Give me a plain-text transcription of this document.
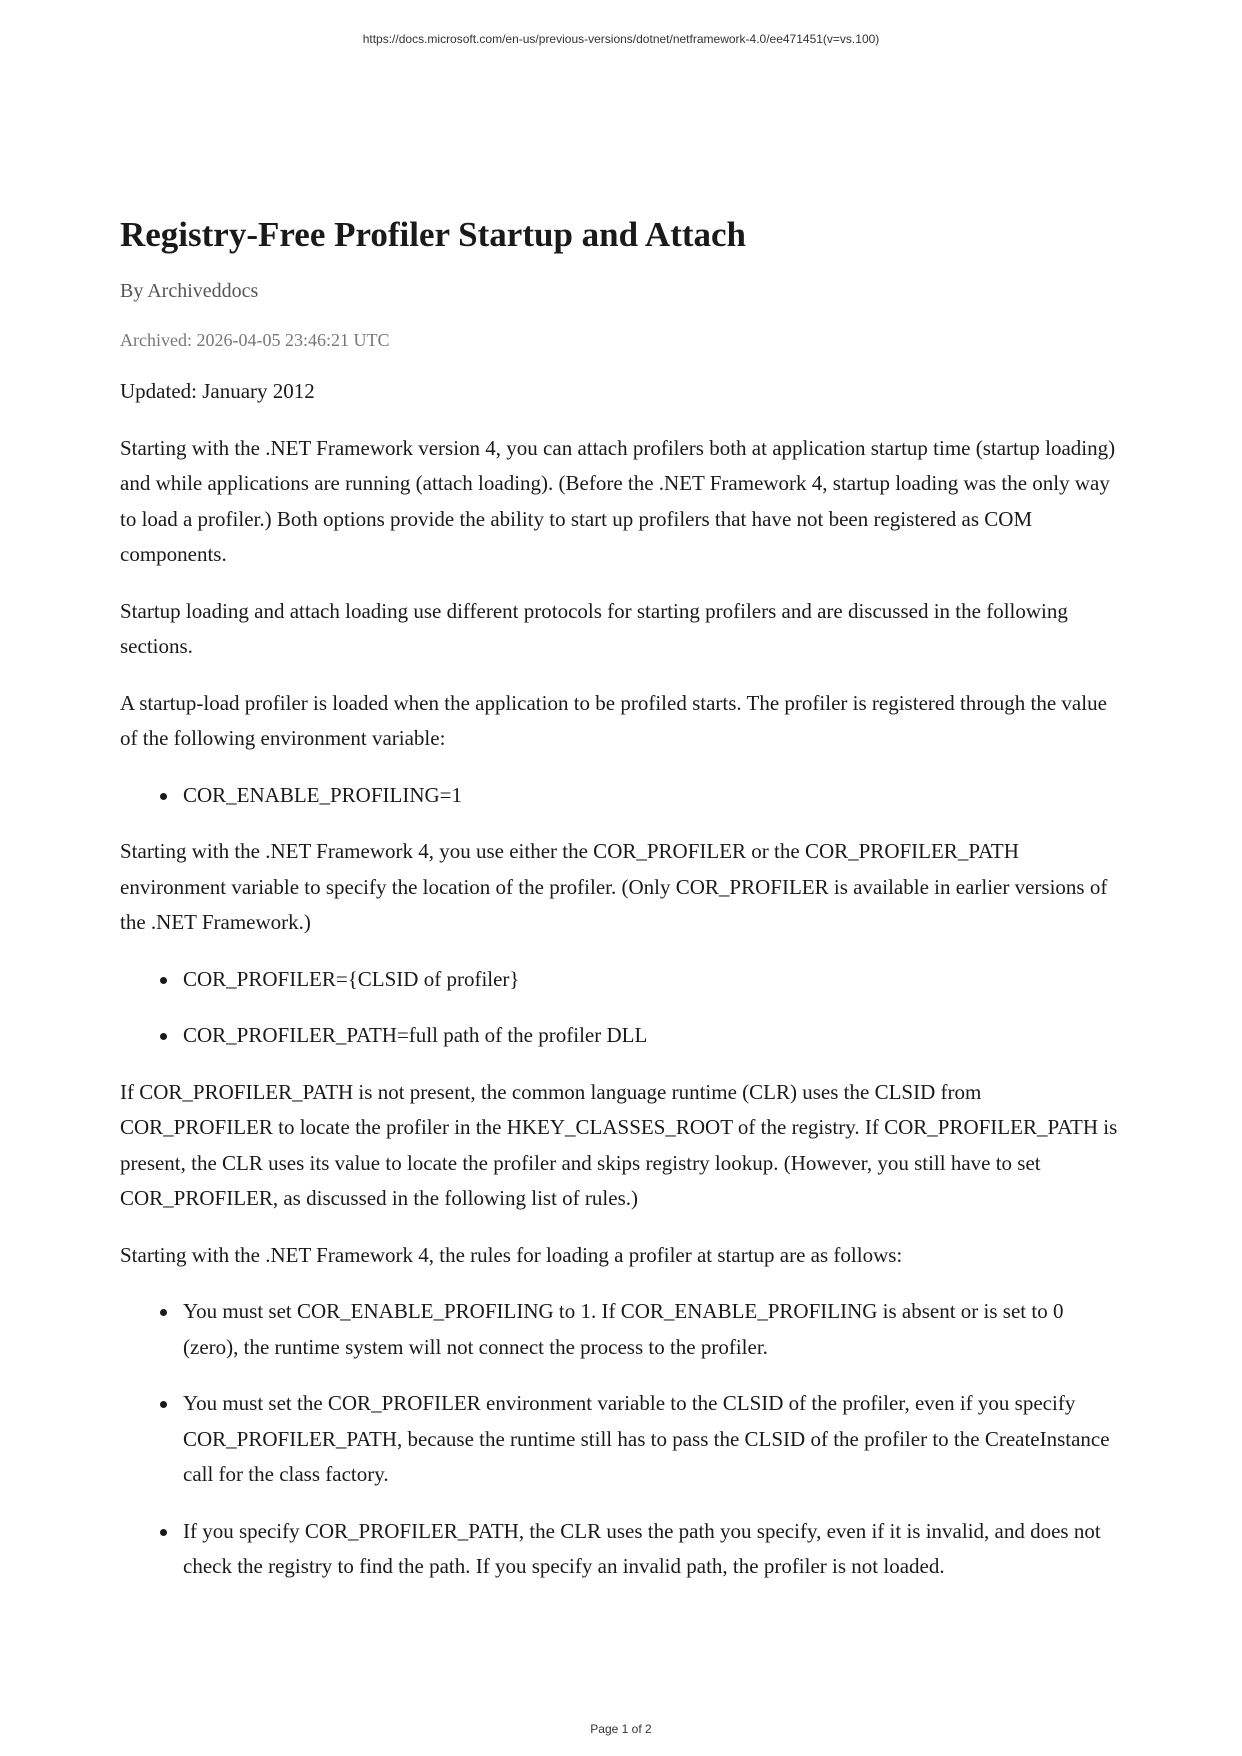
https://docs.microsoft.com/en-us/previous-versions/dotnet/netframework-4.0/ee471451(v=vs.100)

Registry-Free Profiler Startup and Attach

By Archiveddocs

Archived: 2026-04-05 23:46:21 UTC

Updated: January 2012

Starting with the .NET Framework version 4, you can attach profilers both at application startup time (startup loading) and while applications are running (attach loading). (Before the .NET Framework 4, startup loading was the only way to load a profiler.) Both options provide the ability to start up profilers that have not been registered as COM components.

Startup loading and attach loading use different protocols for starting profilers and are discussed in the following sections.

A startup-load profiler is loaded when the application to be profiled starts. The profiler is registered through the value of the following environment variable:

COR_ENABLE_PROFILING=1

Starting with the .NET Framework 4, you use either the COR_PROFILER or the COR_PROFILER_PATH environment variable to specify the location of the profiler. (Only COR_PROFILER is available in earlier versions of the .NET Framework.)

COR_PROFILER={CLSID of profiler}
COR_PROFILER_PATH=full path of the profiler DLL

If COR_PROFILER_PATH is not present, the common language runtime (CLR) uses the CLSID from COR_PROFILER to locate the profiler in the HKEY_CLASSES_ROOT of the registry. If COR_PROFILER_PATH is present, the CLR uses its value to locate the profiler and skips registry lookup. (However, you still have to set COR_PROFILER, as discussed in the following list of rules.)

Starting with the .NET Framework 4, the rules for loading a profiler at startup are as follows:

You must set COR_ENABLE_PROFILING to 1. If COR_ENABLE_PROFILING is absent or is set to 0 (zero), the runtime system will not connect the process to the profiler.
You must set the COR_PROFILER environment variable to the CLSID of the profiler, even if you specify COR_PROFILER_PATH, because the runtime still has to pass the CLSID of the profiler to the CreateInstance call for the class factory.
If you specify COR_PROFILER_PATH, the CLR uses the path you specify, even if it is invalid, and does not check the registry to find the path. If you specify an invalid path, the profiler is not loaded.

Page 1 of 2
